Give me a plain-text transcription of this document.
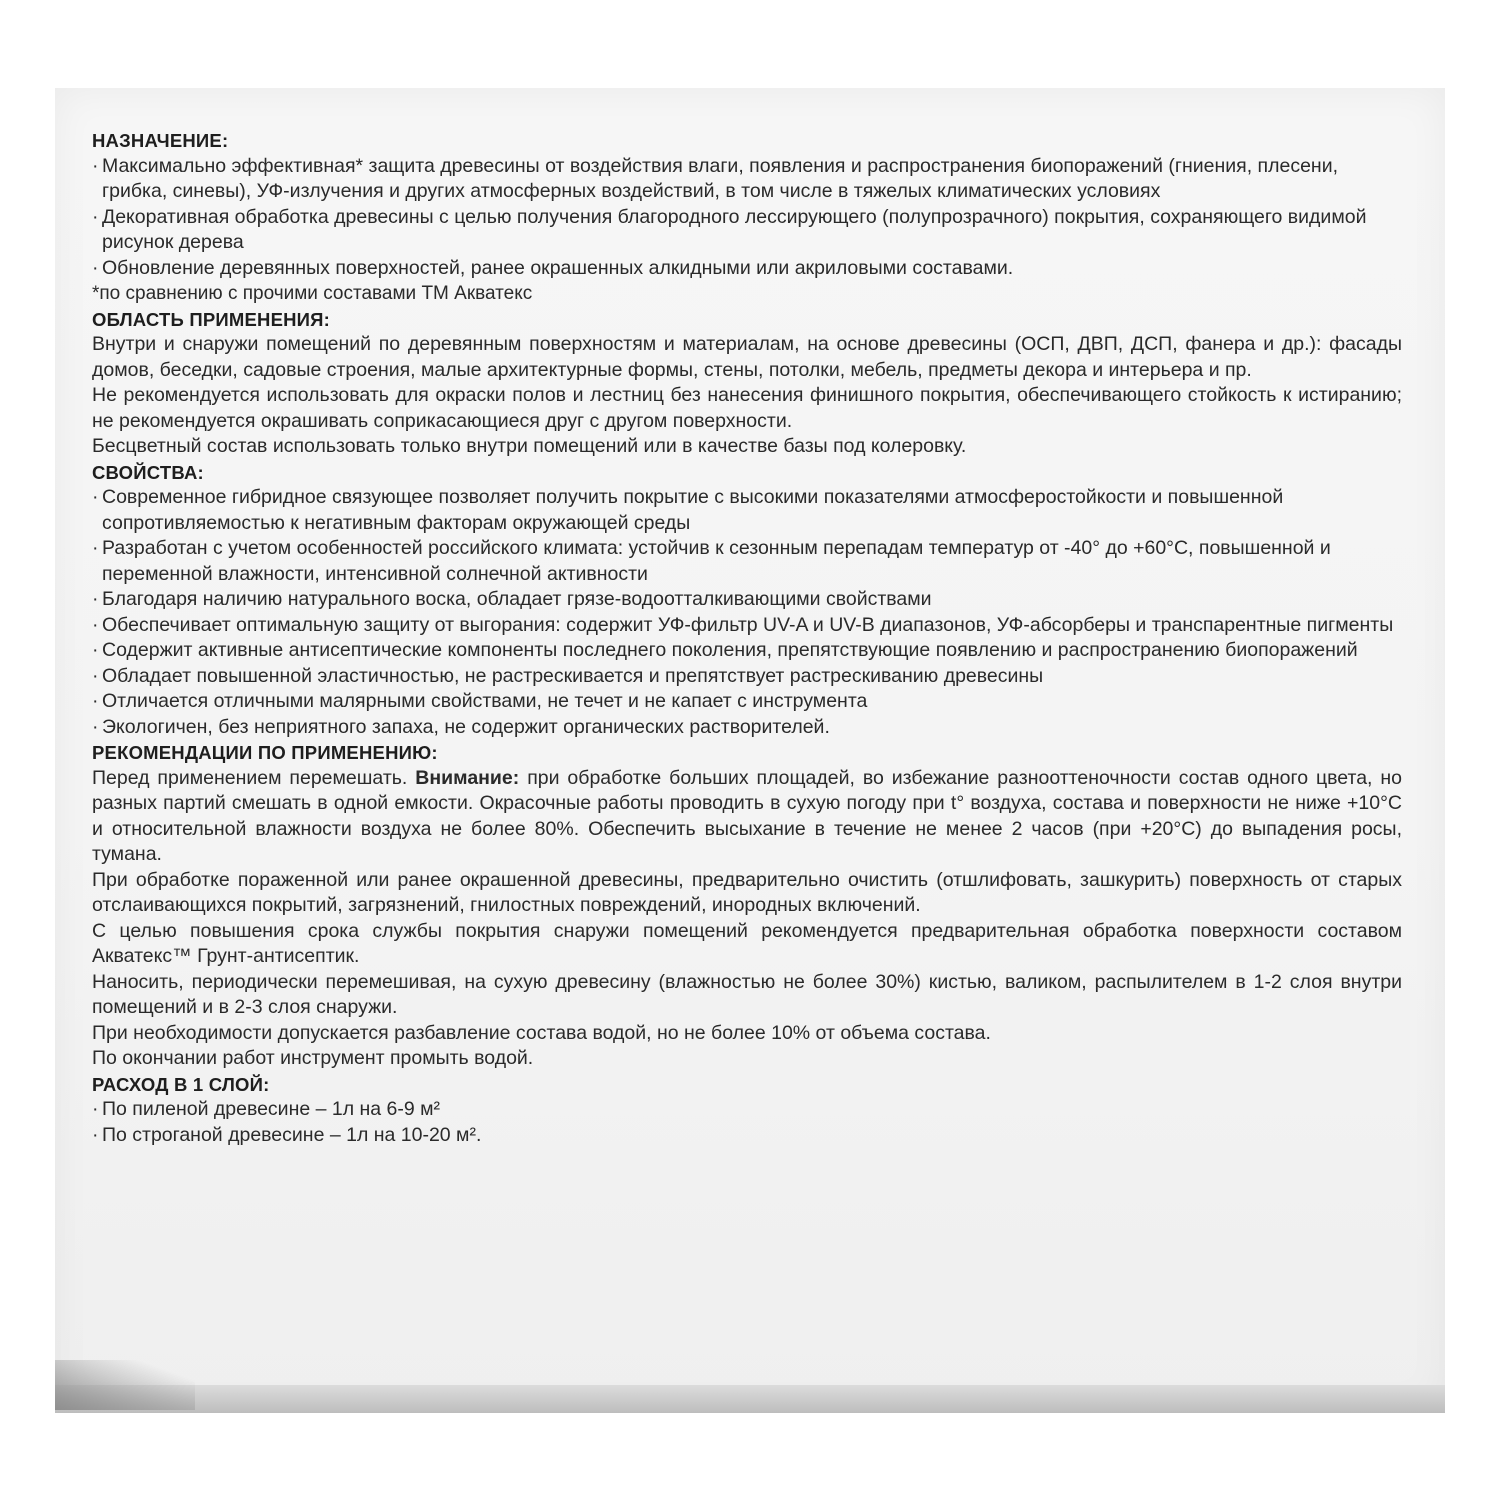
НАЗНАЧЕНИЕ:
· Максимально эффективная* защита древесины от воздействия влаги, появления и распространения биопоражений (гниения, плесени, грибка, синевы), УФ-излучения и других атмосферных воздействий, в том числе в тяжелых климатических условиях
· Декоративная обработка древесины с целью получения благородного лессирующего (полупрозрачного) покрытия, сохраняющего видимой рисунок дерева
· Обновление деревянных поверхностей, ранее окрашенных алкидными или акриловыми составами.
*по сравнению с прочими составами ТМ Акватекс
ОБЛАСТЬ ПРИМЕНЕНИЯ:
Внутри и снаружи помещений по деревянным поверхностям и материалам, на основе древесины (ОСП, ДВП, ДСП, фанера и др.): фасады домов, беседки, садовые строения, малые архитектурные формы, стены, потолки, мебель, предметы декора и интерьера и пр.
Не рекомендуется использовать для окраски полов и лестниц без нанесения финишного покрытия, обеспечивающего стойкость к истиранию; не рекомендуется окрашивать соприкасающиеся друг с другом поверхности.
Бесцветный состав использовать только внутри помещений или в качестве базы под колеровку.
СВОЙСТВА:
· Современное гибридное связующее позволяет получить покрытие с высокими показателями атмосферостойкости и повышенной сопротивляемостью к негативным факторам окружающей среды
· Разработан с учетом особенностей российского климата: устойчив к сезонным перепадам температур от -40° до +60°С, повышенной и переменной влажности, интенсивной солнечной активности
· Благодаря наличию натурального воска, обладает грязе-водоотталкивающими свойствами
· Обеспечивает оптимальную защиту от выгорания: содержит УФ-фильтр UV-A и UV-B диапазонов, УФ-абсорберы и транспарентные пигменты
· Содержит активные антисептические компоненты последнего поколения, препятствующие появлению и распространению биопоражений
· Обладает повышенной эластичностью, не растрескивается и препятствует растрескиванию древесины
· Отличается отличными малярными свойствами, не течет и не капает с инструмента
· Экологичен, без неприятного запаха, не содержит органических растворителей.
РЕКОМЕНДАЦИИ ПО ПРИМЕНЕНИЮ:
Перед применением перемешать. Внимание: при обработке больших площадей, во избежание разнооттеночности состав одного цвета, но разных партий смешать в одной емкости. Окрасочные работы проводить в сухую погоду при t° воздуха, состава и поверхности не ниже +10°С и относительной влажности воздуха не более 80%. Обеспечить высыхание в течение не менее 2 часов (при +20°С) до выпадения росы, тумана.
При обработке пораженной или ранее окрашенной древесины, предварительно очистить (отшлифовать, зашкурить) поверхность от старых отслаивающихся покрытий, загрязнений, гнилостных повреждений, инородных включений.
С целью повышения срока службы покрытия снаружи помещений рекомендуется предварительная обработка поверхности составом Акватекс™ Грунт-антисептик.
Наносить, периодически перемешивая, на сухую древесину (влажностью не более 30%) кистью, валиком, распылителем в 1-2 слоя внутри помещений и в 2-3 слоя снаружи.
При необходимости допускается разбавление состава водой, но не более 10% от объема состава.
По окончании работ инструмент промыть водой.
РАСХОД В 1 СЛОЙ:
· По пиленой древесине – 1л на 6-9 м²
· По строганой древесине – 1л на 10-20 м².
